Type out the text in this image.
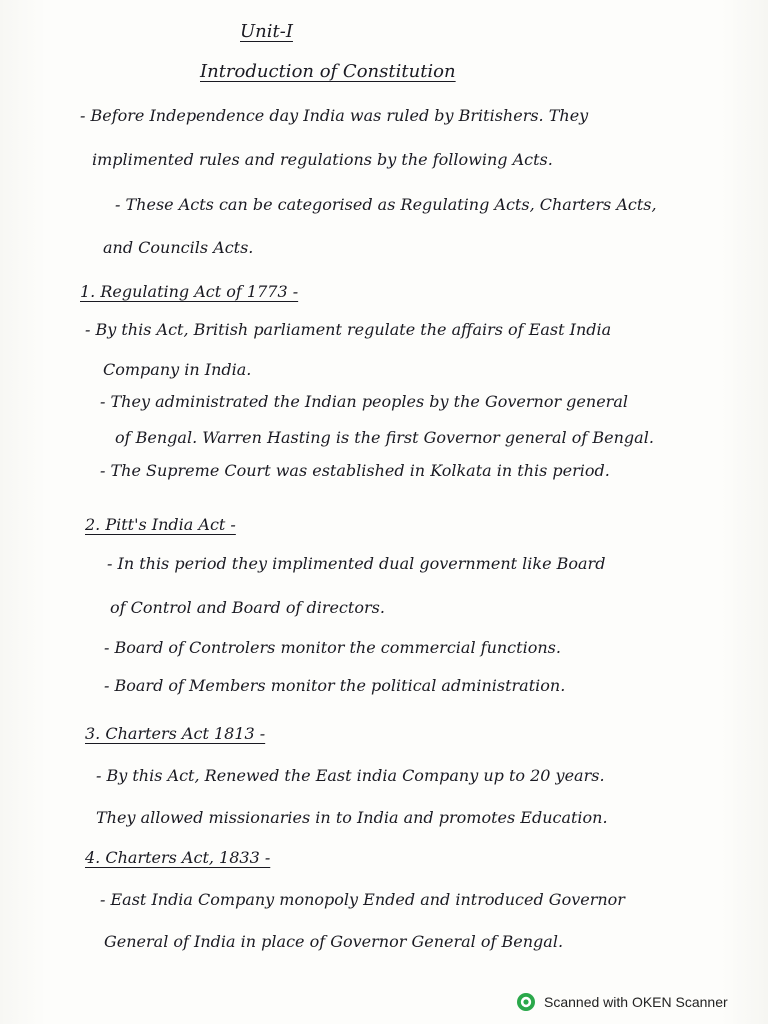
Unit-I
Introduction of Constitution
- Before Independence day India was ruled by Britishers. They
implimented rules and regulations by the following Acts.
- These Acts can be categorised as Regulating Acts, Charters Acts,
and Councils Acts.
1. Regulating Act of 1773 -
- By this Act, British parliament regulate the affairs of East India
Company in India.
- They administrated the Indian peoples by the Governor general
of Bengal. Warren Hasting is the first Governor general of Bengal.
- The Supreme Court was established in Kolkata in this period.
2. Pitt's India Act -
- In this period they implimented dual government like Board
of Control and Board of directors.
- Board of Controlers monitor the commercial functions.
- Board of Members monitor the political administration.
3. Charters Act 1813 -
- By this Act, Renewed the East india Company up to 20 years.
They allowed missionaries in to India and promotes Education.
4. Charters Act, 1833 -
- East India Company monopoly Ended and introduced Governor
General of India in place of Governor General of Bengal.
Scanned with OKEN Scanner
